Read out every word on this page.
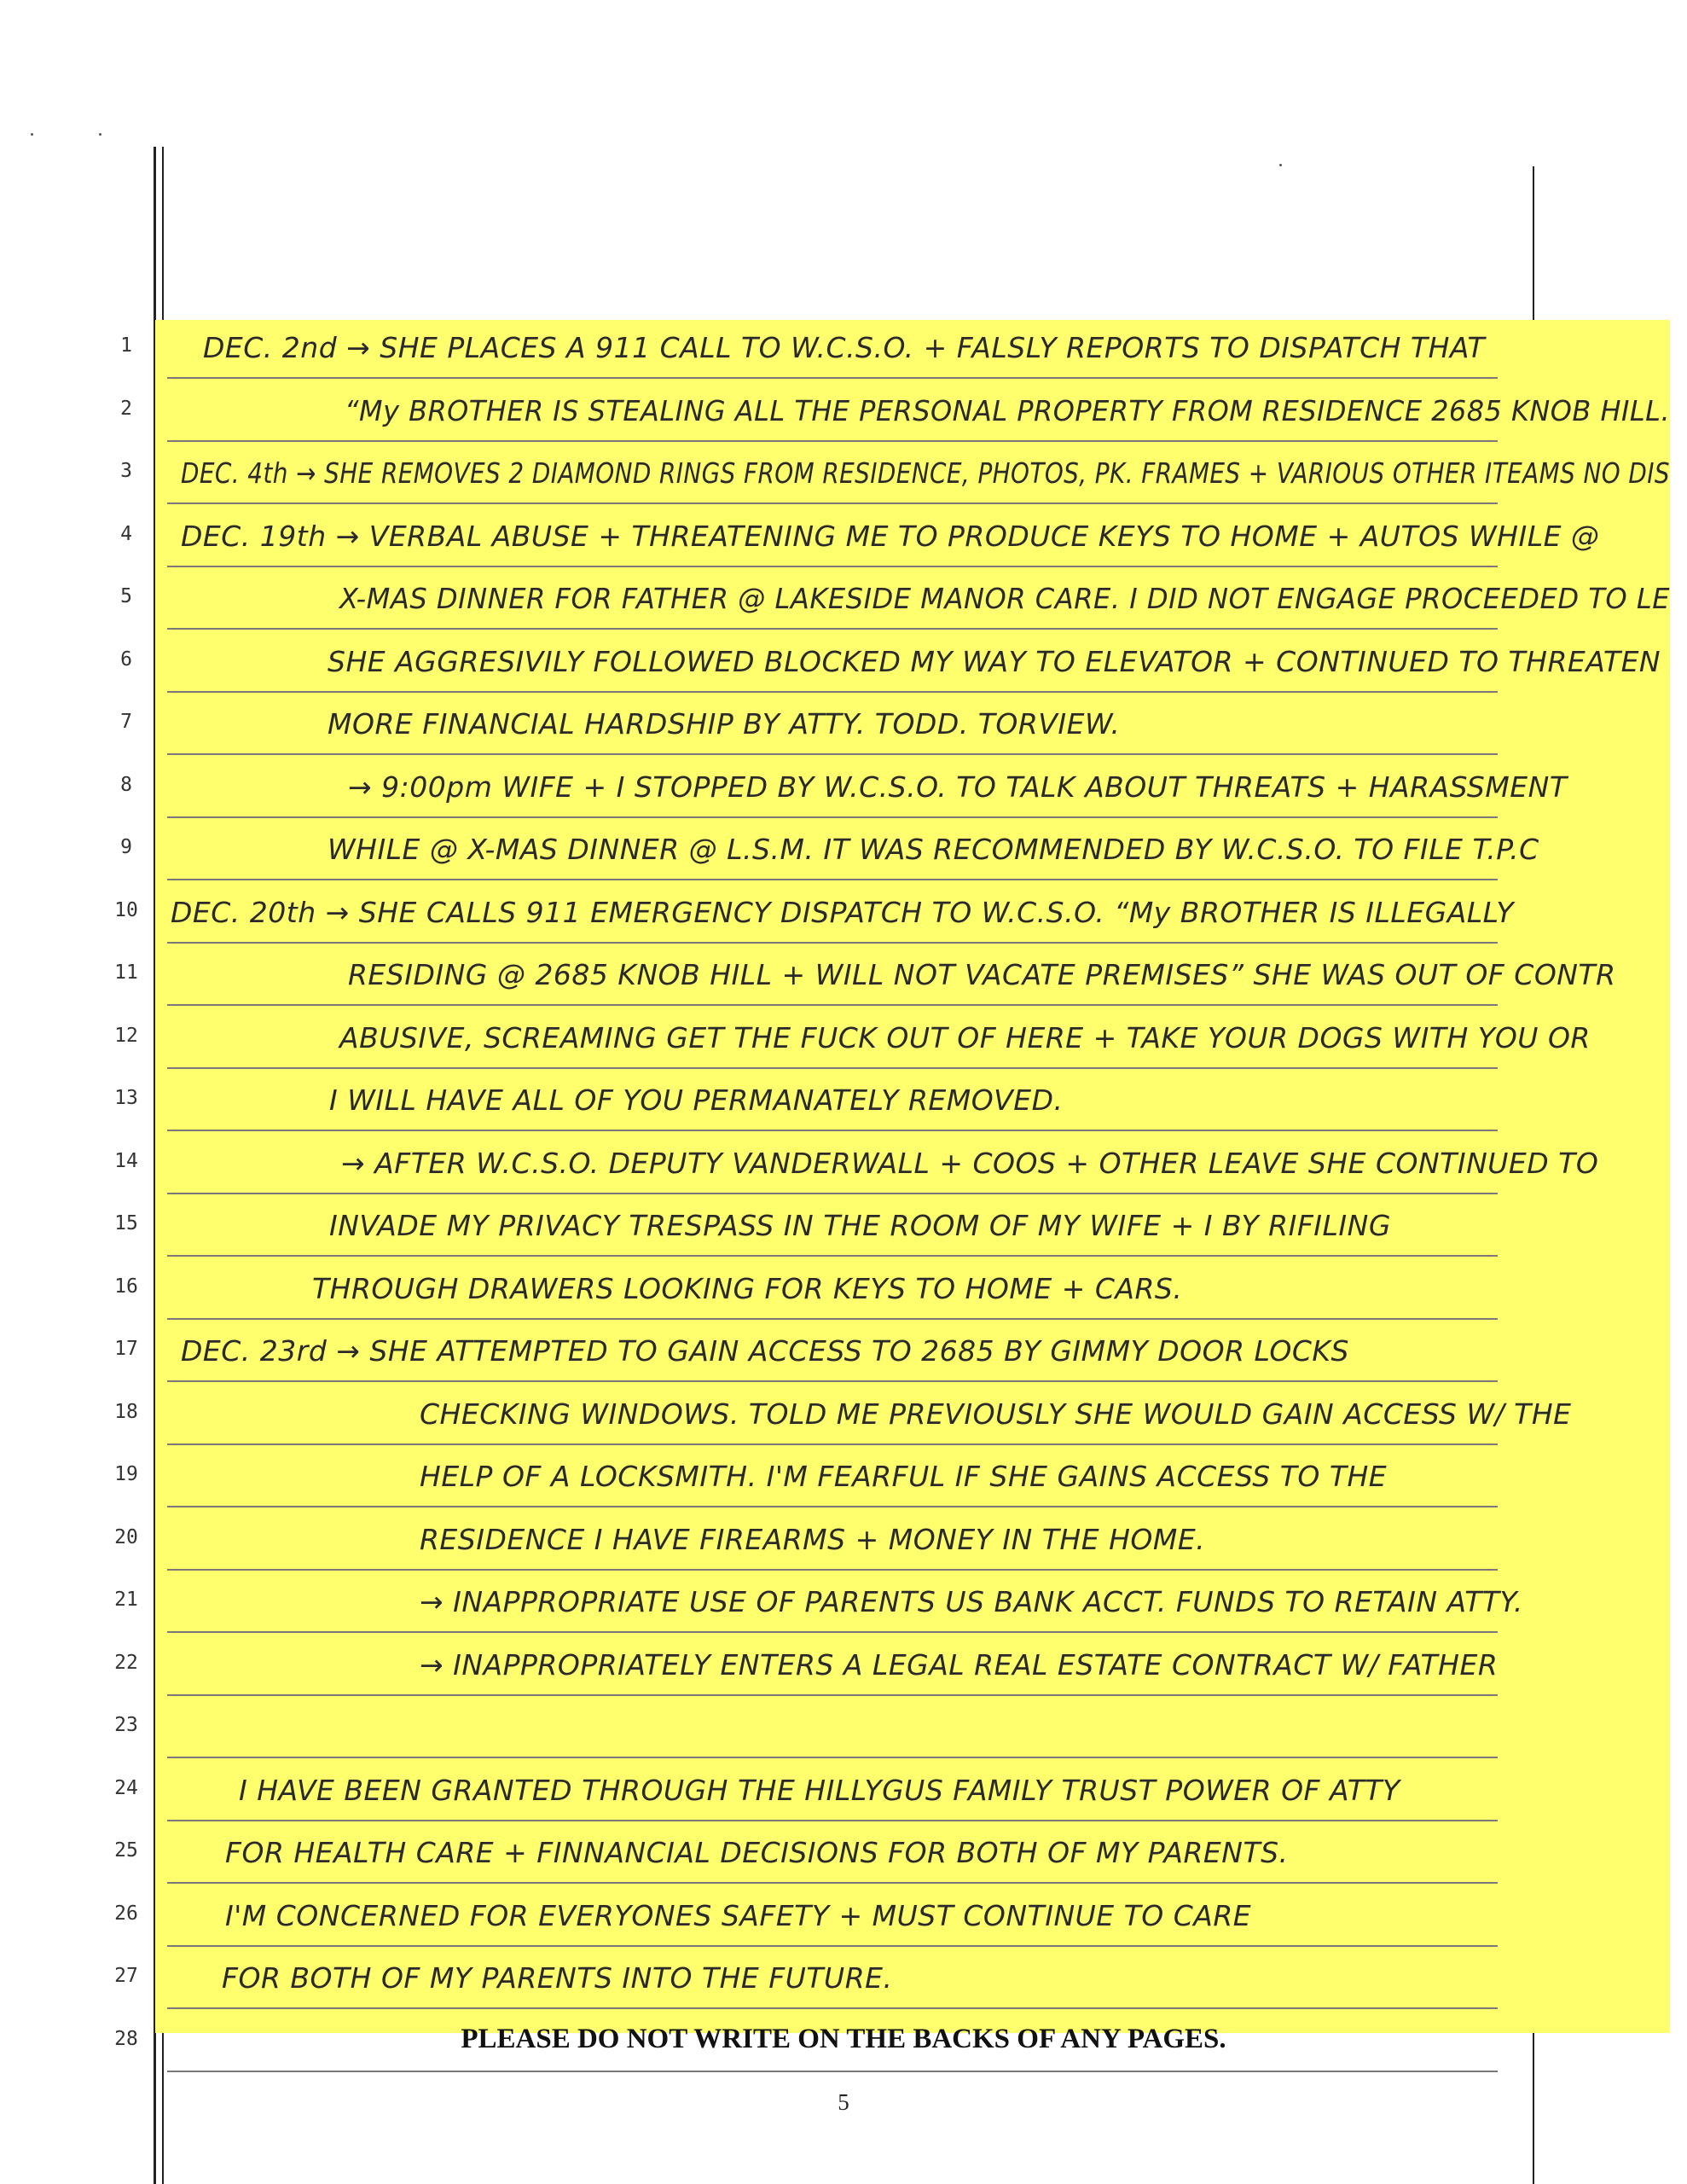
1	DEC. 2nd → SHE PLACES A 911 CALL TO W.C.S.O. + FALSLY REPORTS TO DISPATCH THAT
2	“My BROTHER IS STEALING ALL THE PERSONAL PROPERTY FROM RESIDENCE 2685 KNOB HILL.
3	DEC. 4th → SHE REMOVES 2 DIAMOND RINGS FROM RESIDENCE, PHOTOS, PK. FRAMES + VARIOUS OTHER ITEAMS NO DIS
4	DEC. 19th → VERBAL ABUSE + THREATENING ME TO PRODUCE KEYS TO HOME + AUTOS WHILE @
5	X-MAS DINNER FOR FATHER @ LAKESIDE MANOR CARE. I DID NOT ENGAGE PROCEEDED TO LE
6	SHE AGGRESIVILY FOLLOWED BLOCKED MY WAY TO ELEVATOR + CONTINUED TO THREATEN
7	MORE FINANCIAL HARDSHIP BY ATTY. TODD. TORVIEW.
8	→ 9:00pm WIFE + I STOPPED BY W.C.S.O. TO TALK ABOUT THREATS + HARASSMENT
9	WHILE @ X-MAS DINNER @ L.S.M. IT WAS RECOMMENDED BY W.C.S.O. TO FILE T.P.C
10	DEC. 20th → SHE CALLS 911 EMERGENCY DISPATCH TO W.C.S.O. “My BROTHER IS ILLEGALLY
11	RESIDING @ 2685 KNOB HILL + WILL NOT VACATE PREMISES” SHE WAS OUT OF CONTR
12	ABUSIVE, SCREAMING GET THE FUCK OUT OF HERE + TAKE YOUR DOGS WITH YOU OR
13	I WILL HAVE ALL OF YOU PERMANATELY REMOVED.
14	→ AFTER W.C.S.O. DEPUTY VANDERWALL + COOS + OTHER LEAVE SHE CONTINUED TO
15	INVADE MY PRIVACY TRESPASS IN THE ROOM OF MY WIFE + I BY RIFILING
16	THROUGH DRAWERS LOOKING FOR KEYS TO HOME + CARS.
17	DEC. 23rd → SHE ATTEMPTED TO GAIN ACCESS TO 2685 BY GIMMY DOOR LOCKS
18	CHECKING WINDOWS. TOLD ME PREVIOUSLY SHE WOULD GAIN ACCESS W/ THE
19	HELP OF A LOCKSMITH. I'M FEARFUL IF SHE GAINS ACCESS TO THE
20	RESIDENCE I HAVE FIREARMS + MONEY IN THE HOME.
21	→ INAPPROPRIATE USE OF PARENTS US BANK ACCT. FUNDS TO RETAIN ATTY.
22	→ INAPPROPRIATELY ENTERS A LEGAL REAL ESTATE CONTRACT W/ FATHER
23
24	I HAVE BEEN GRANTED THROUGH THE HILLYGUS FAMILY TRUST POWER OF ATTY
25	FOR HEALTH CARE + FINNANCIAL DECISIONS FOR BOTH OF MY PARENTS.
26	I'M CONCERNED FOR EVERYONES SAFETY + MUST CONTINUE TO CARE
27	FOR BOTH OF MY PARENTS INTO THE FUTURE.
28	PLEASE DO NOT WRITE ON THE BACKS OF ANY PAGES.
5
